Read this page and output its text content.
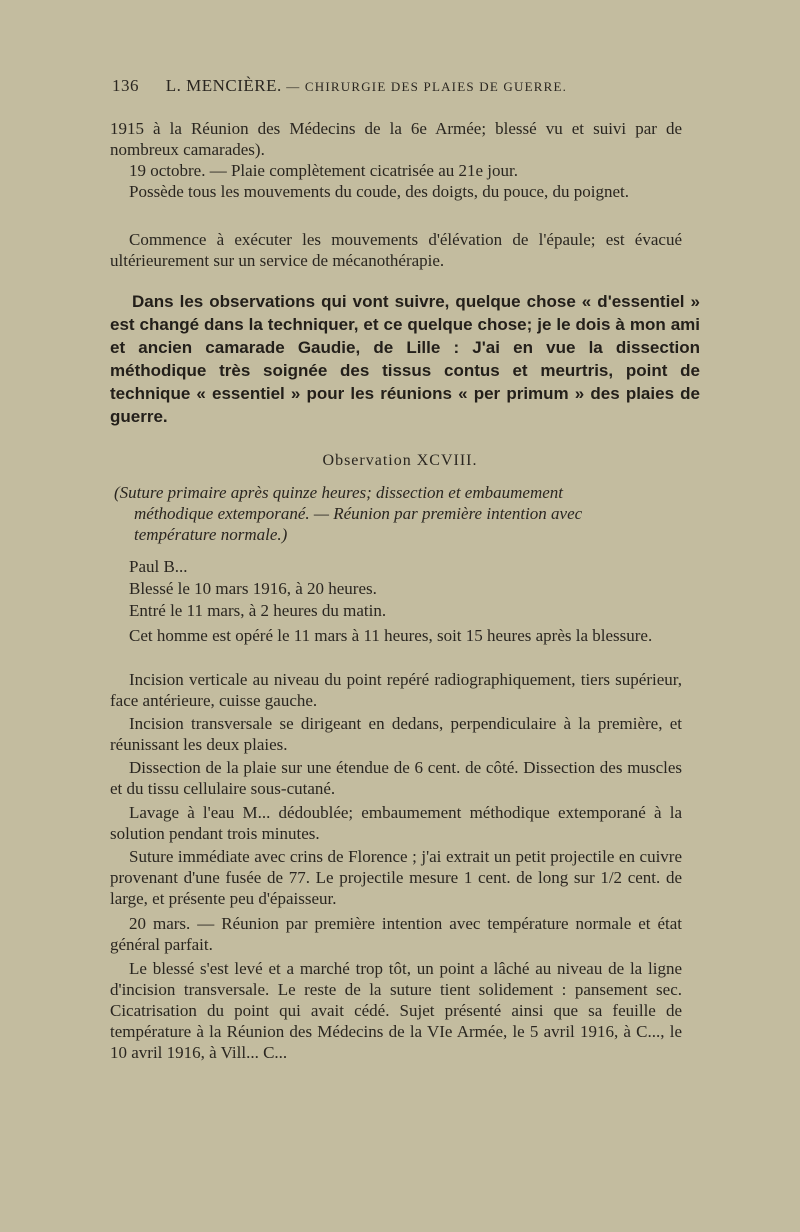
136 L. MENCIÈRE. — CHIRURGIE DES PLAIES DE GUERRE.

1915 à la Réunion des Médecins de la 6e Armée; blessé vu et suivi par de nombreux camarades).

19 octobre. — Plaie complètement cicatrisée au 21e jour.

Possède tous les mouvements du coude, des doigts, du pouce, du poignet.

Commence à exécuter les mouvements d'élévation de l'épaule; est évacué ultérieurement sur un service de mécanothérapie.

Dans les observations qui vont suivre, quelque chose « d'essentiel » est changé dans la techniquer, et ce quelque chose; je le dois à mon ami et ancien camarade Gaudie, de Lille : J'ai en vue la dissection méthodique très soignée des tissus contus et meurtris, point de technique « essentiel » pour les réunions « per primum » des plaies de guerre.

Observation XCVIII.

(Suture primaire après quinze heures; dissection et embaumement
méthodique extemporané. — Réunion par première intention avec
température normale.)

Paul B...

Blessé le 10 mars 1916, à 20 heures.

Entré le 11 mars, à 2 heures du matin.

Cet homme est opéré le 11 mars à 11 heures, soit 15 heures après la blessure.

Incision verticale au niveau du point repéré radiographiquement, tiers supérieur, face antérieure, cuisse gauche.

Incision transversale se dirigeant en dedans, perpendiculaire à la première, et réunissant les deux plaies.

Dissection de la plaie sur une étendue de 6 cent. de côté. Dissection des muscles et du tissu cellulaire sous-cutané.

Lavage à l'eau M... dédoublée; embaumement méthodique extemporané à la solution pendant trois minutes.

Suture immédiate avec crins de Florence ; j'ai extrait un petit projectile en cuivre provenant d'une fusée de 77. Le projectile mesure 1 cent. de long sur 1/2 cent. de large, et présente peu d'épaisseur.

20 mars. — Réunion par première intention avec température normale et état général parfait.

Le blessé s'est levé et a marché trop tôt, un point a lâché au niveau de la ligne d'incision transversale. Le reste de la suture tient solidement : pansement sec. Cicatrisation du point qui avait cédé. Sujet présenté ainsi que sa feuille de température à la Réunion des Médecins de la VIe Armée, le 5 avril 1916, à C..., le 10 avril 1916, à Vill... C...
